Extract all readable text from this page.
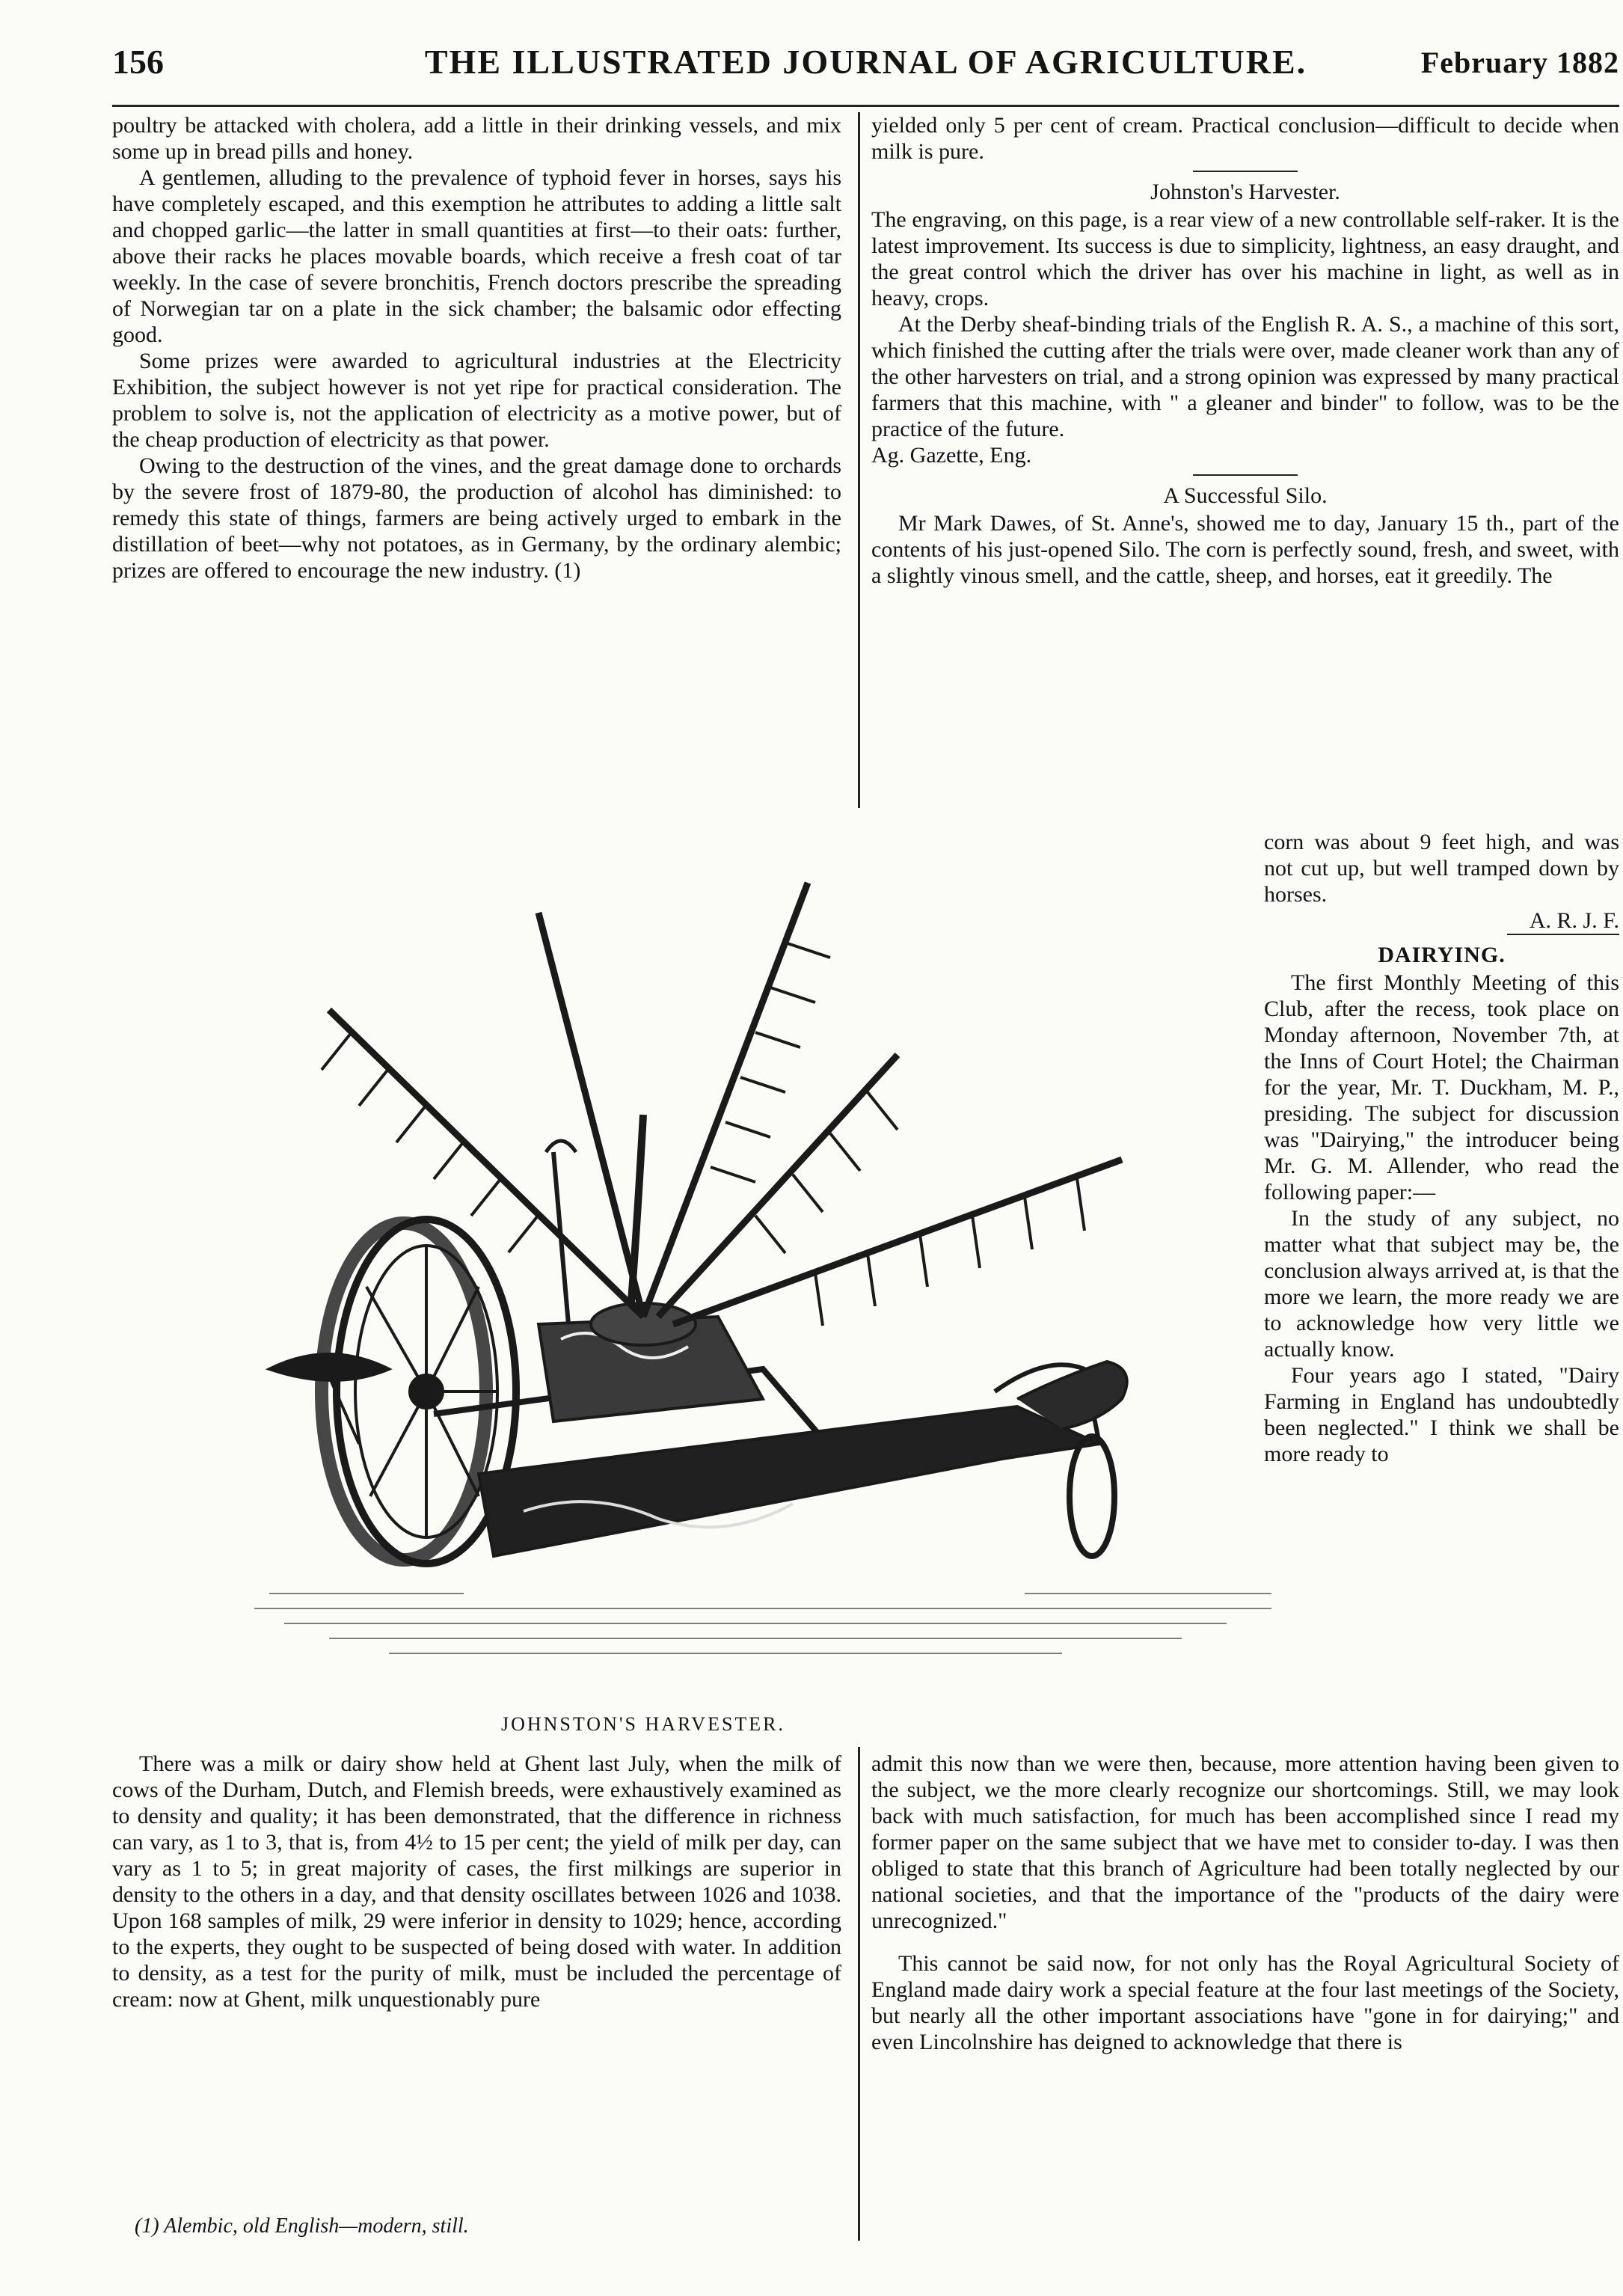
156	THE ILLUSTRATED JOURNAL OF AGRICULTURE.	February 1882

poultry be attacked with cholera, add a little in their drinking vessels, and mix some up in bread pills and honey.

A gentlemen, alluding to the prevalence of typhoid fever in horses, says his have completely escaped, and this exemption he attributes to adding a little salt and chopped garlic—the latter in small quantities at first—to their oats: further, above their racks he places movable boards, which receive a fresh coat of tar weekly. In the case of severe bronchitis, French doctors prescribe the spreading of Norwegian tar on a plate in the sick chamber; the balsamic odor effecting good.

Some prizes were awarded to agricultural industries at the Electricity Exhibition, the subject however is not yet ripe for practical consideration. The problem to solve is, not the application of electricity as a motive power, but of the cheap production of electricity as that power.

Owing to the destruction of the vines, and the great damage done to orchards by the severe frost of 1879-80, the production of alcohol has diminished: to remedy this state of things, farmers are being actively urged to embark in the distillation of beet—why not potatoes, as in Germany, by the ordinary alembic; prizes are offered to encourage the new industry. (1)

yielded only 5 per cent of cream. Practical conclusion—difficult to decide when milk is pure.

Johnston's Harvester.

The engraving, on this page, is a rear view of a new controllable self-raker. It is the latest improvement. Its success is due to simplicity, lightness, an easy draught, and the great control which the driver has over his machine in light, as well as in heavy, crops.

At the Derby sheaf-binding trials of the English R. A. S., a machine of this sort, which finished the cutting after the trials were over, made cleaner work than any of the other harvesters on trial, and a strong opinion was expressed by many practical farmers that this machine, with " a gleaner and binder" to follow, was to be the practice of the future.

Ag. Gazette, Eng.

A Successful Silo.

Mr Mark Dawes, of St. Anne's, showed me to day, January 15 th., part of the contents of his just-opened Silo. The corn is perfectly sound, fresh, and sweet, with a slightly vinous smell, and the cattle, sheep, and horses, eat it greedily. The

corn was about 9 feet high, and was not cut up, but well tramped down by horses.

A. R. J. F.
DAIRYING.

The first Monthly Meeting of this Club, after the recess, took place on Monday afternoon, November 7th, at the Inns of Court Hotel; the Chairman for the year, Mr. T. Duckham, M. P., presiding. The subject for discussion was "Dairying," the introducer being Mr. G. M. Allender, who read the following paper:—

In the study of any subject, no matter what that subject may be, the conclusion always arrived at, is that the more we learn, the more ready we are to acknowledge how very little we actually know.

Four years ago I stated, "Dairy Farming in England has undoubtedly been neglected." I think we shall be more ready to

JOHNSTON'S HARVESTER.

There was a milk or dairy show held at Ghent last July, when the milk of cows of the Durham, Dutch, and Flemish breeds, were exhaustively examined as to density and quality; it has been demonstrated, that the difference in richness can vary, as 1 to 3, that is, from 4½ to 15 per cent; the yield of milk per day, can vary as 1 to 5; in great majority of cases, the first milkings are superior in density to the others in a day, and that density oscillates between 1026 and 1038. Upon 168 samples of milk, 29 were inferior in density to 1029; hence, according to the experts, they ought to be suspected of being dosed with water. In addition to density, as a test for the purity of milk, must be included the percentage of cream: now at Ghent, milk unquestionably pure

admit this now than we were then, because, more attention having been given to the subject, we the more clearly recognize our shortcomings. Still, we may look back with much satisfaction, for much has been accomplished since I read my former paper on the same subject that we have met to consider to-day. I was then obliged to state that this branch of Agriculture had been totally neglected by our national societies, and that the importance of the "products of the dairy were unrecognized."

This cannot be said now, for not only has the Royal Agricultural Society of England made dairy work a special feature at the four last meetings of the Society, but nearly all the other important associations have "gone in for dairying;" and even Lincolnshire has deigned to acknowledge that there is

(1) Alembic, old English—modern, still.
